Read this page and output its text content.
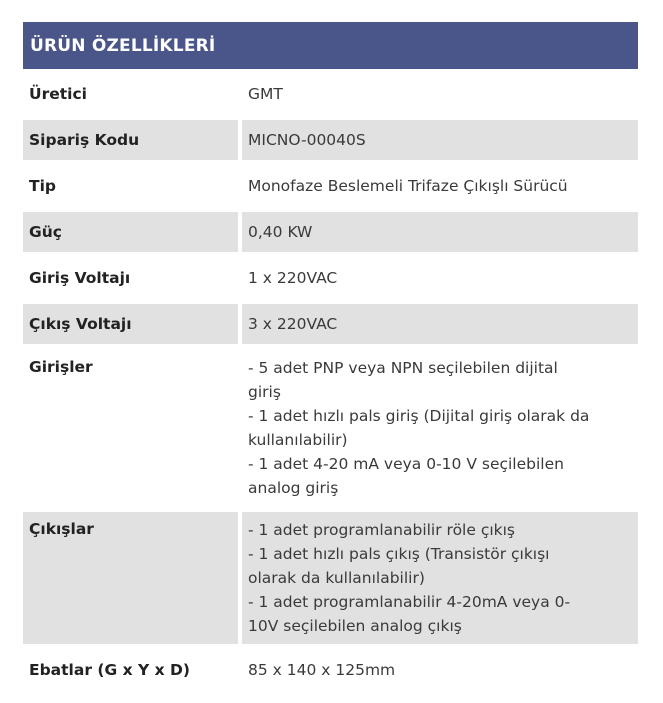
ÜRÜN ÖZELLİKLERİ
Üretici	GMT
Sipariş Kodu	MICNO-00040S
Tip	Monofaze Beslemeli Trifaze Çıkışlı Sürücü
Güç	0,40 KW
Giriş Voltajı	1 x 220VAC
Çıkış Voltajı	3 x 220VAC
Girişler	- 5 adet PNP veya NPN seçilebilen dijital
giriş
- 1 adet hızlı pals giriş (Dijital giriş olarak da
kullanılabilir)
- 1 adet 4-20 mA veya 0-10 V seçilebilen
analog giriş
Çıkışlar	- 1 adet programlanabilir röle çıkış
- 1 adet hızlı pals çıkış (Transistör çıkışı
olarak da kullanılabilir)
- 1 adet programlanabilir 4-20mA veya 0-
10V seçilebilen analog çıkış
Ebatlar (G x Y x D)	85 x 140 x 125mm
